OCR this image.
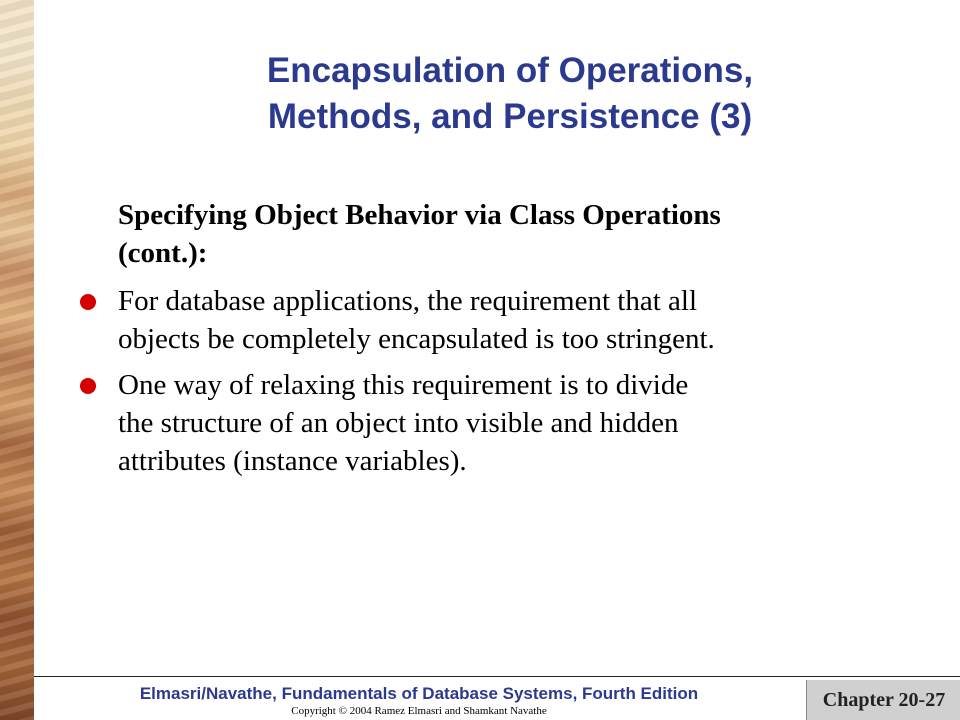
Encapsulation of Operations,
Methods, and Persistence (3)
Specifying Object Behavior via Class Operations
(cont.):
For database applications, the requirement that all
objects be completely encapsulated is too stringent.
One way of relaxing this requirement is to divide
the structure of an object into visible and hidden
attributes (instance variables).
Elmasri/Navathe, Fundamentals of Database Systems, Fourth Edition
Copyright © 2004 Ramez Elmasri and Shamkant Navathe	Chapter 20-27
